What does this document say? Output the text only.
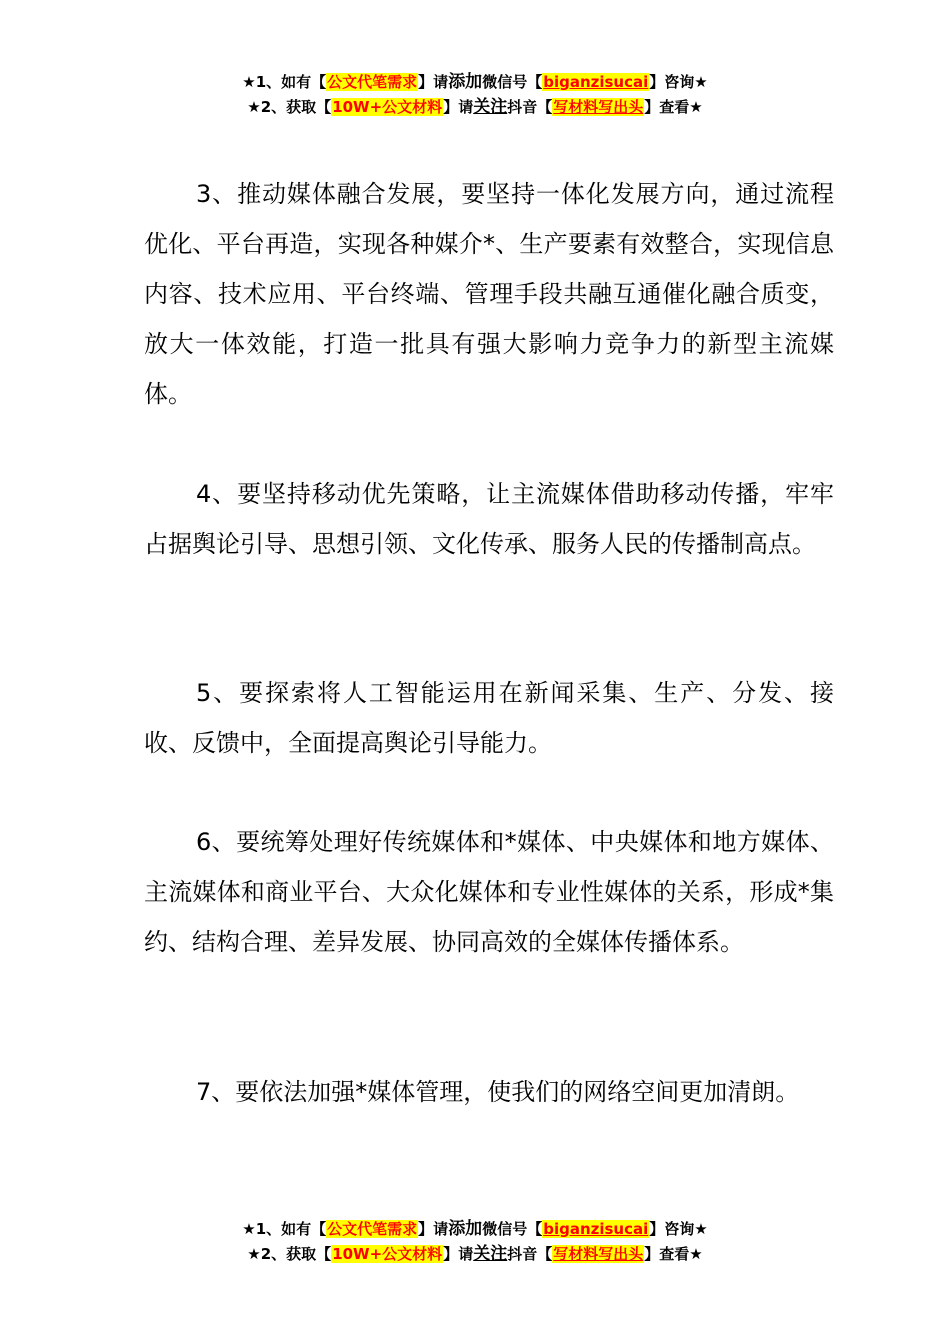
★1、如有【公文代笔需求】请添加微信号【biganzisucai】咨询★
★2、获取【10W+公文材料】请关注抖音【写材料写出头】查看★

3、推动媒体融合发展，要坚持一体化发展方向，通过流程优化、平台再造，实现各种媒介*、生产要素有效整合，实现信息内容、技术应用、平台终端、管理手段共融互通催化融合质变，放大一体效能，打造一批具有强大影响力竞争力的新型主流媒体。

4、要坚持移动优先策略，让主流媒体借助移动传播，牢牢占据舆论引导、思想引领、文化传承、服务人民的传播制高点。

5、要探索将人工智能运用在新闻采集、生产、分发、接收、反馈中，全面提高舆论引导能力。

6、要统筹处理好传统媒体和*媒体、中央媒体和地方媒体、主流媒体和商业平台、大众化媒体和专业性媒体的关系，形成*集约、结构合理、差异发展、协同高效的全媒体传播体系。

7、要依法加强*媒体管理，使我们的网络空间更加清朗。

★1、如有【公文代笔需求】请添加微信号【biganzisucai】咨询★
★2、获取【10W+公文材料】请关注抖音【写材料写出头】查看★
